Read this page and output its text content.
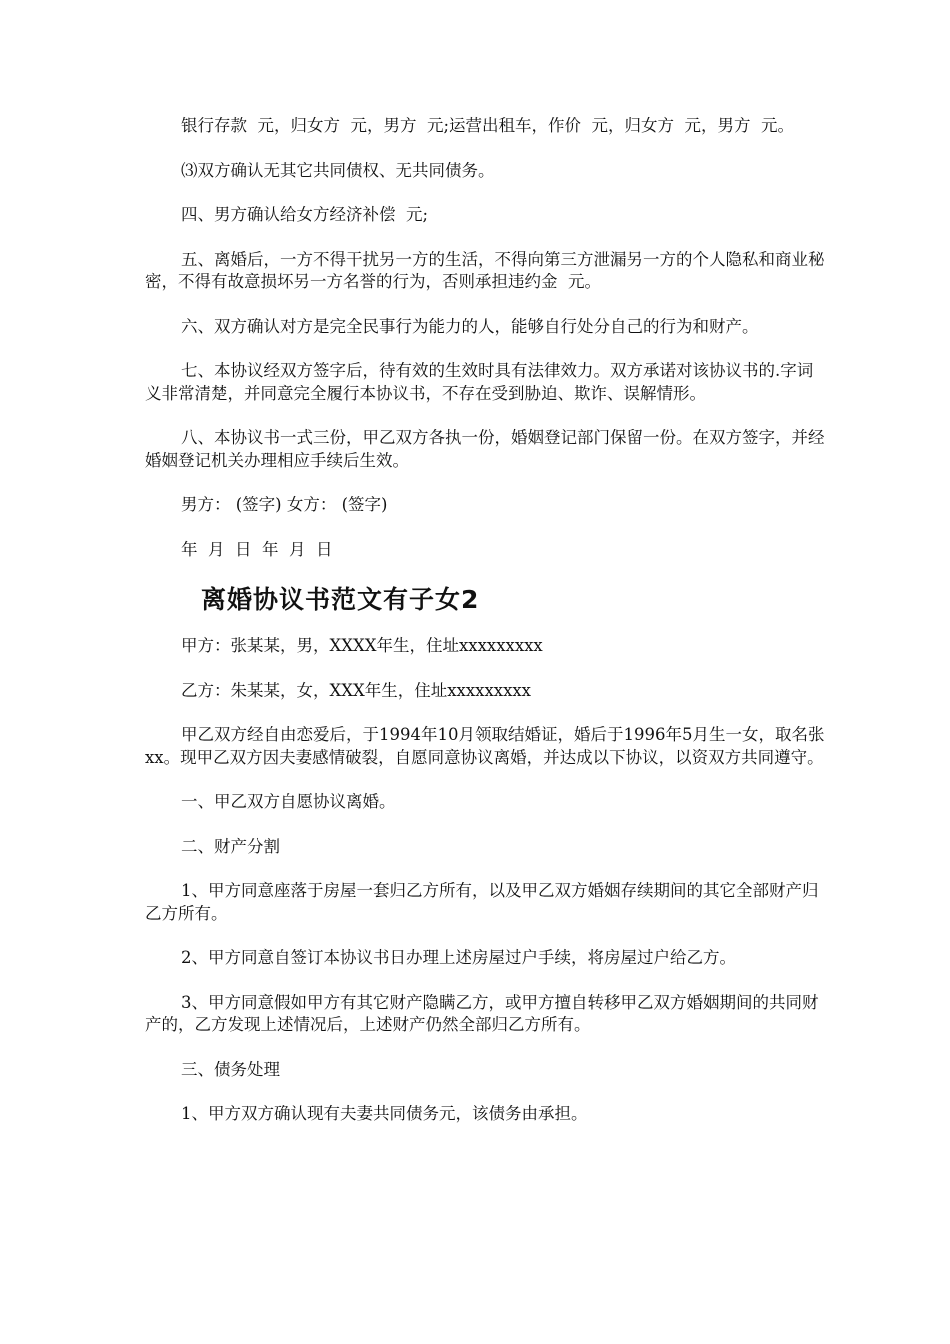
银行存款  元，归女方  元，男方  元;运营出租车，作价  元，归女方  元，男方  元。

⑶双方确认无其它共同债权、无共同债务。

四、男方确认给女方经济补偿  元;

五、离婚后，一方不得干扰另一方的生活，不得向第三方泄漏另一方的个人隐私和商业秘密，不得有故意损坏另一方名誉的行为，否则承担违约金  元。

六、双方确认对方是完全民事行为能力的人，能够自行处分自己的行为和财产。

七、本协议经双方签字后，待有效的生效时具有法律效力。双方承诺对该协议书的.字词义非常清楚，并同意完全履行本协议书，不存在受到胁迫、欺诈、误解情形。

八、本协议书一式三份，甲乙双方各执一份，婚姻登记部门保留一份。在双方签字，并经婚姻登记机关办理相应手续后生效。

男方： (签字) 女方： (签字)

年  月  日  年  月  日

离婚协议书范文有子女2

甲方：张某某，男，XXXX年生，住址xxxxxxxxx

乙方：朱某某，女，XXX年生，住址xxxxxxxxx

甲乙双方经自由恋爱后，于1994年10月领取结婚证，婚后于1996年5月生一女，取名张xx。现甲乙双方因夫妻感情破裂，自愿同意协议离婚，并达成以下协议，以资双方共同遵守。

一、甲乙双方自愿协议离婚。

二、财产分割

1、甲方同意座落于房屋一套归乙方所有，以及甲乙双方婚姻存续期间的其它全部财产归乙方所有。

2、甲方同意自签订本协议书日办理上述房屋过户手续，将房屋过户给乙方。

3、甲方同意假如甲方有其它财产隐瞒乙方，或甲方擅自转移甲乙双方婚姻期间的共同财产的，乙方发现上述情况后，上述财产仍然全部归乙方所有。

三、债务处理

1、甲方双方确认现有夫妻共同债务元，该债务由承担。
